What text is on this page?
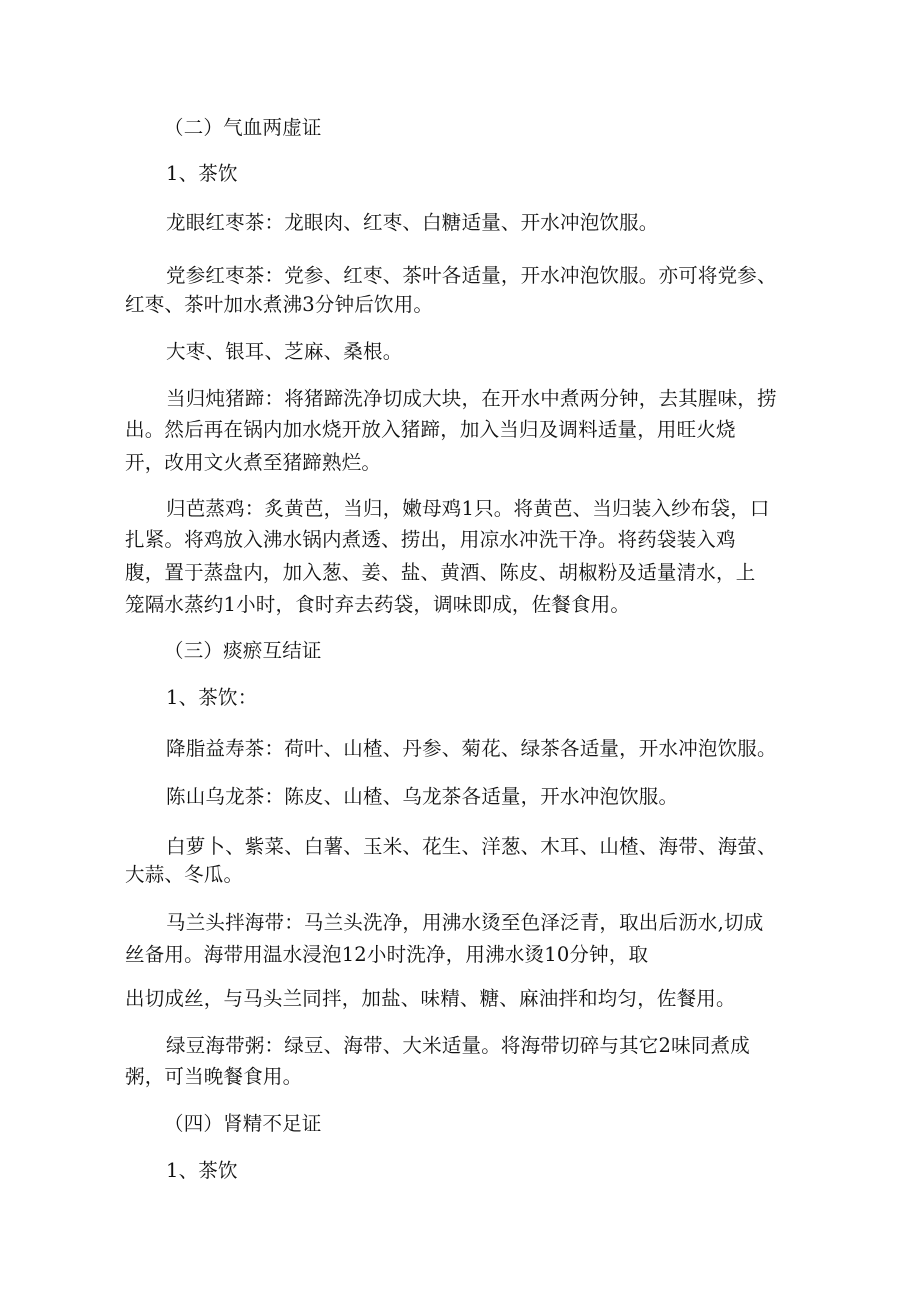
（二）气血两虚证
1、茶饮
龙眼红枣茶：龙眼肉、红枣、白糖适量、开水冲泡饮服。
党参红枣茶：党参、红枣、茶叶各适量，开水冲泡饮服。亦可将党参、
红枣、茶叶加水煮沸3分钟后饮用。
大枣、银耳、芝麻、桑根。
当归炖猪蹄：将猪蹄洗净切成大块，在开水中煮两分钟，去其腥味，捞
出。然后再在锅内加水烧开放入猪蹄，加入当归及调料适量，用旺火烧
开，改用文火煮至猪蹄熟烂。
归芭蒸鸡：炙黄芭，当归，嫩母鸡1只。将黄芭、当归装入纱布袋，口
扎紧。将鸡放入沸水锅内煮透、捞出，用凉水冲洗干净。将药袋装入鸡
腹，置于蒸盘内，加入葱、姜、盐、黄酒、陈皮、胡椒粉及适量清水，上
笼隔水蒸约1小时，食时弃去药袋，调味即成，佐餐食用。
（三）痰瘀互结证
1、茶饮：
降脂益寿茶：荷叶、山楂、丹参、菊花、绿茶各适量，开水冲泡饮服。
陈山乌龙茶：陈皮、山楂、乌龙茶各适量，开水冲泡饮服。
白萝卜、紫菜、白薯、玉米、花生、洋葱、木耳、山楂、海带、海萤、
大蒜、冬瓜。
马兰头拌海带：马兰头洗净，用沸水烫至色泽泛青，取出后沥水,切成
丝备用。海带用温水浸泡12小时洗净，用沸水烫10分钟，取
出切成丝，与马头兰同拌，加盐、味精、糖、麻油拌和均匀，佐餐用。
绿豆海带粥：绿豆、海带、大米适量。将海带切碎与其它2味同煮成
粥，可当晚餐食用。
（四）肾精不足证
1、茶饮
